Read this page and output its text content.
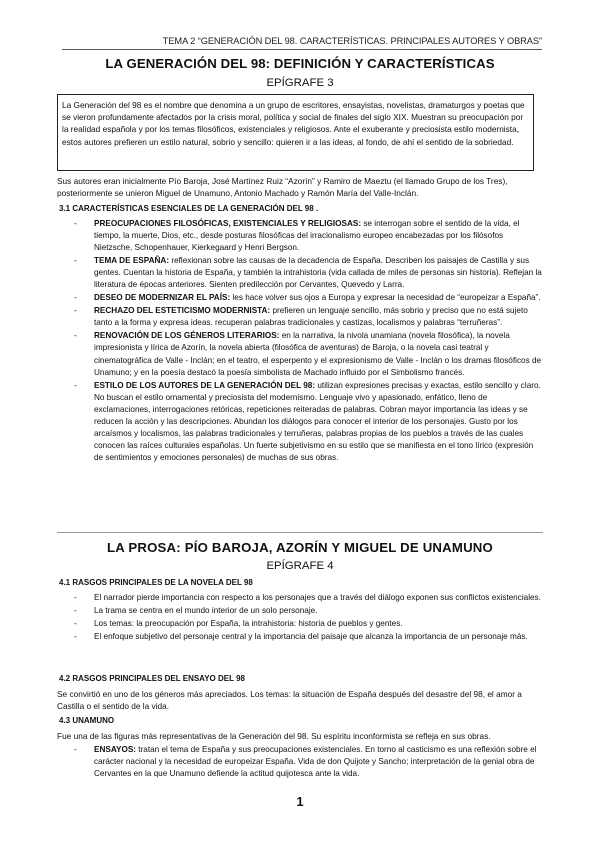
TEMA 2 “GENERACIÓN DEL 98. CARACTERÍSTICAS. PRINCIPALES AUTORES Y OBRAS”
LA GENERACIÓN DEL 98: DEFINICIÓN Y CARACTERÍSTICAS
EPÍGRAFE 3
La Generación del 98 es el nombre que denomina a un grupo de escritores, ensayistas, novelistas, dramaturgos y poetas que se vieron profundamente afectados por la crisis moral, política y social de finales del siglo XIX. Muestran su preocupación por la realidad española y por los temas filosóficos, existenciales y religiosos. Ante el exuberante y preciosista estilo modernista, estos autores prefieren un estilo natural, sobrio y sencillo: quieren ir a las ideas, al fondo, de ahí el sentido de la sobriedad.
Sus autores eran inicialmente Pío Baroja, José Martínez Ruiz “Azorín” y Ramiro de Maeztu (el llamado Grupo de los Tres), posteriormente se unieron Miguel de Unamuno, Antonio Machado y Ramón María del Valle-Inclán.
3.1 CARACTERÍSTICAS ESENCIALES DE LA GENERACIÓN DEL 98 .
- PREOCUPACIONES FILOSÓFICAS, EXISTENCIALES Y RELIGIOSAS: se interrogan sobre el sentido de la vida, el tiempo, la muerte, Dios, etc., desde posturas filosóficas del irracionalismo europeo encabezadas por los filósofos Nietzsche, Schopenhauer, Kierkegaard y Henri Bergson.
- TEMA DE ESPAÑA: reflexionan sobre las causas de la decadencia de España. Describen los paisajes de Castilla y sus gentes. Cuentan la historia de España, y también la intrahistoria (vida callada de miles de personas sin historia). Reflejan la literatura de épocas anteriores. Sienten predilección por Cervantes, Quevedo y Larra.
- DESEO DE MODERNIZAR EL PAÍS: les hace volver sus ojos a Europa y expresar la necesidad de “europeizar a España”.
- RECHAZO DEL ESTETICISMO MODERNISTA: prefieren un lenguaje sencillo, más sobrio y preciso que no está sujeto tanto a la forma y expresa ideas. recuperan palabras tradicionales y castizas, localismos y palabras “terruñeras”.
- RENOVACIÓN DE LOS GÉNEROS LITERARIOS: en la narrativa, la nivola unamiana (novela filosófica), la novela impresionista y lírica de Azorín, la novela abierta (filosófica de aventuras) de Baroja, o la novela casi teatral y cinematográfica de Valle - Inclán; en el teatro, el esperpento y el expresionismo de Valle - Inclán o los dramas filosóficos de Unamuno; y en la poesía destacó la poesía simbolista de Machado influido por el Simbolismo francés.
- ESTILO DE LOS AUTORES DE LA GENERACIÓN DEL 98: utilizan expresiones precisas y exactas, estilo sencillo y claro. No buscan el estilo ornamental y preciosista del modernismo. Lenguaje vivo y apasionado, enfático, lleno de exclamaciones, interrogaciones retóricas, repeticiones reiteradas de palabras. Cobran mayor importancia las ideas y se reducen la acción y las descripciones. Abundan los diálogos para conocer el interior de los personajes. Gusto por los arcaísmos y localismos, las palabras tradicionales y terruñeras, palabras propias de los pueblos a través de las cuales conocen las raíces culturales españolas. Un fuerte subjetivismo en su estilo que se manifiesta en el tono lírico (expresión de sentimientos y emociones personales) de muchas de sus obras.
LA PROSA: PÍO BAROJA, AZORÍN Y MIGUEL DE UNAMUNO
EPÍGRAFE 4
4.1 RASGOS PRINCIPALES DE LA NOVELA DEL 98
- El narrador pierde importancia con respecto a los personajes que a través del diálogo exponen sus conflictos existenciales.
- La trama se centra en el mundo interior de un solo personaje.
- Los temas: la preocupación por España, la intrahistoria: historia de pueblos y gentes.
- El enfoque subjetivo del personaje central y la importancia del paisaje que alcanza la importancia de un personaje más.
4.2 RASGOS PRINCIPALES DEL ENSAYO DEL 98
Se convirtió en uno de los géneros más apreciados. Los temas: la situación de España después del desastre del 98, el amor a Castilla o el sentido de la vida.
4.3 UNAMUNO
Fue una de las figuras más representativas de la Generación del 98. Su espíritu inconformista se refleja en sus obras.
- ENSAYOS: tratan el tema de España y sus preocupaciones existenciales. En torno al casticismo es una reflexión sobre el carácter nacional y la necesidad de europeizar España. Vida de don Quijote y Sancho; interpretación de la genial obra de Cervantes en la que Unamuno defiende la actitud quijotesca ante la vida.
1
